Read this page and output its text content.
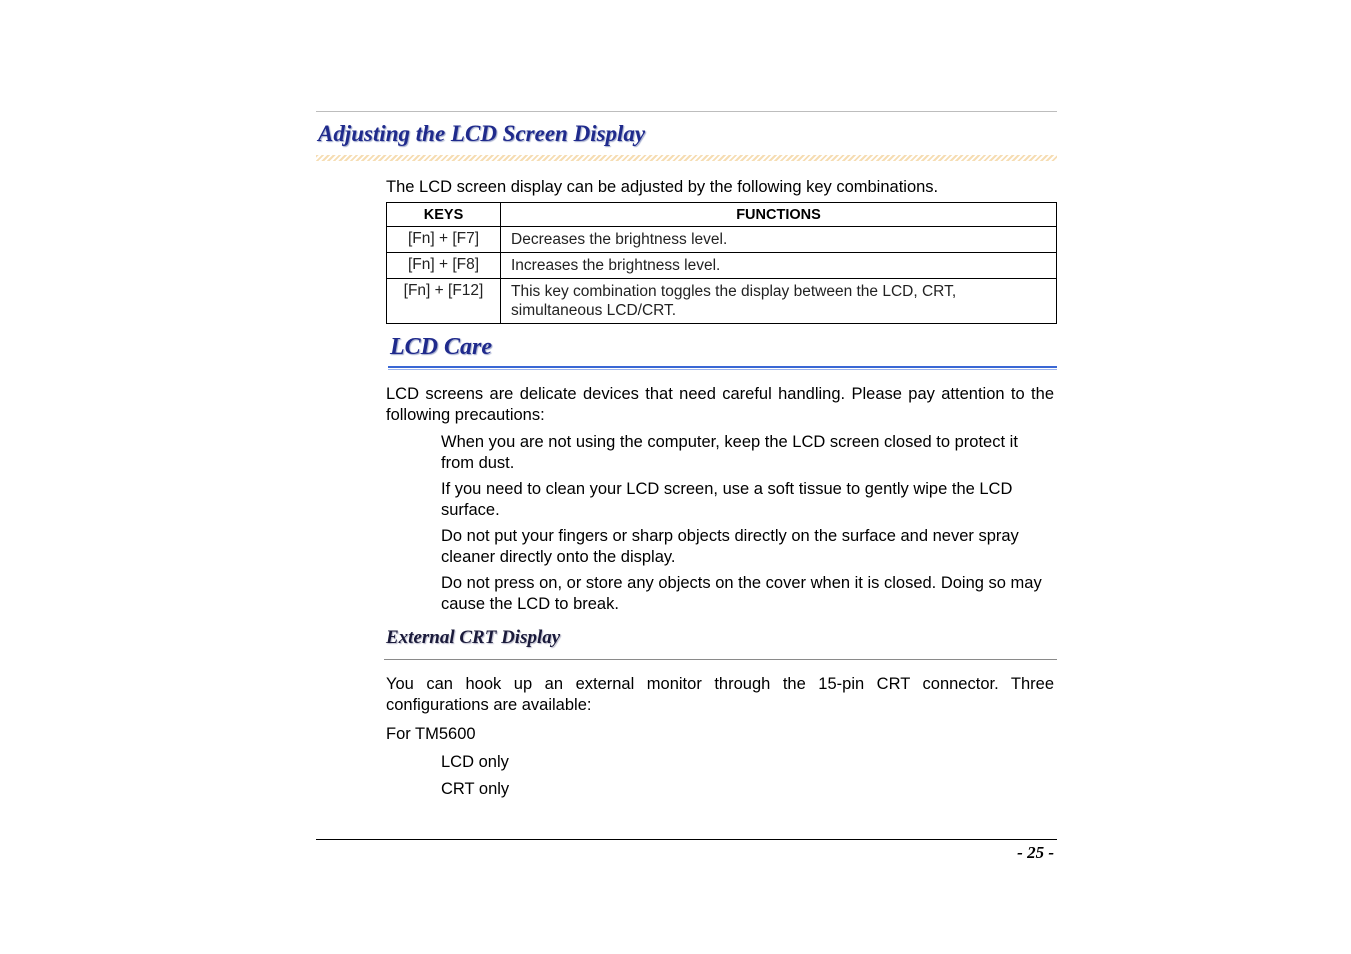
Adjusting the LCD Screen Display

The LCD screen display can be adjusted by the following key combinations.

KEYS	FUNCTIONS
[Fn] + [F7]	Decreases the brightness level.
[Fn] + [F8]	Increases the brightness level.
[Fn] + [F12]	This key combination toggles the display between the LCD, CRT, simultaneous LCD/CRT.
LCD Care

LCD screens are delicate devices that need careful handling. Please pay attention to the following precautions:

When you are not using the computer, keep the LCD screen closed to protect it from dust.

If you need to clean your LCD screen, use a soft tissue to gently wipe the LCD surface.

Do not put your fingers or sharp objects directly on the surface and never spray cleaner directly onto the display.

Do not press on, or store any objects on the cover when it is closed. Doing so may cause the LCD to break.

External CRT Display

You can hook up an external monitor through the 15-pin CRT connector. Three configurations are available:

For TM5600

LCD only

CRT only

- 25 -
